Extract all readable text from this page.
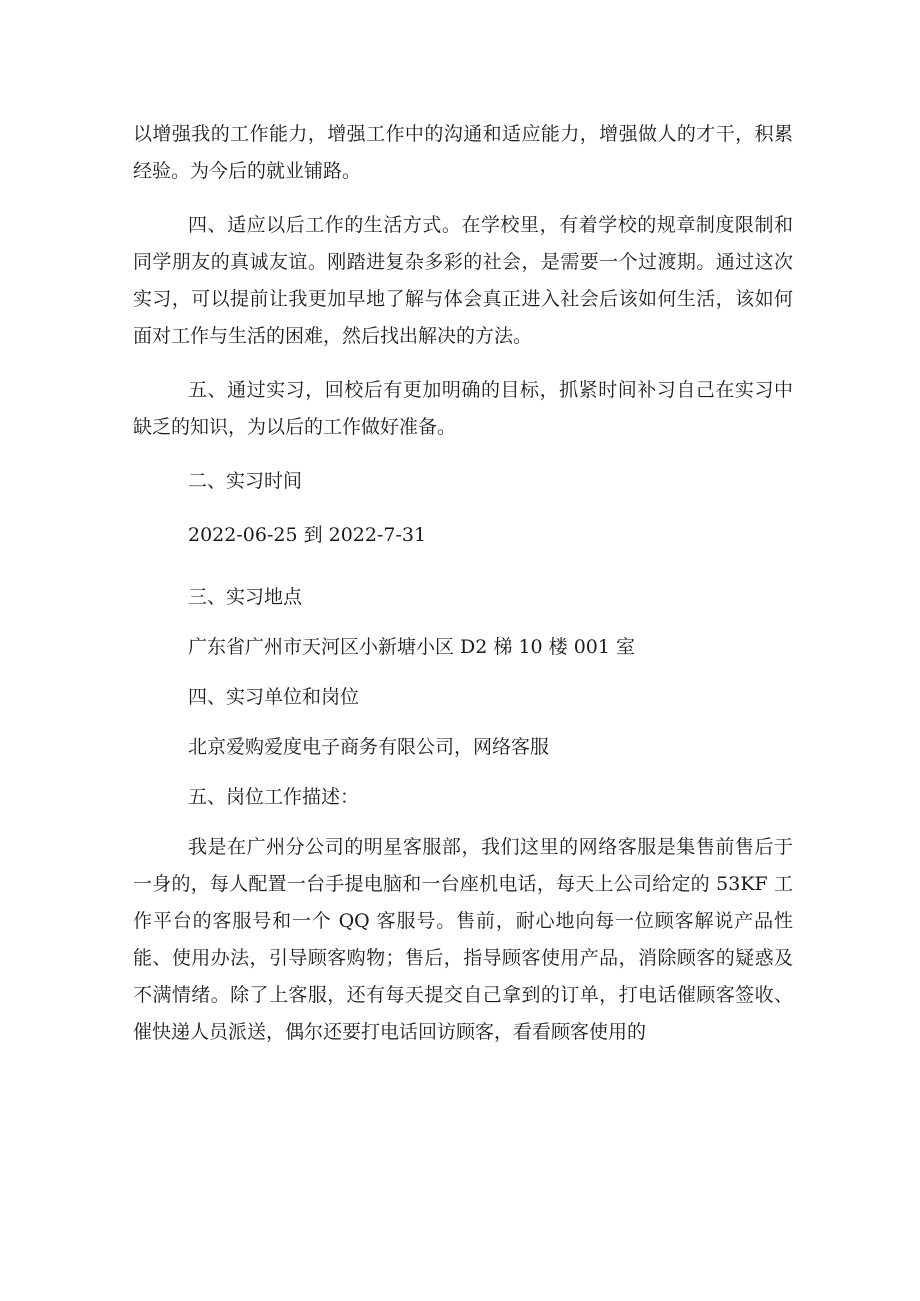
以增强我的工作能力，增强工作中的沟通和适应能力，增强做人的才干，积累经验。为今后的就业铺路。

四、适应以后工作的生活方式。在学校里，有着学校的规章制度限制和同学朋友的真诚友谊。刚踏进复杂多彩的社会，是需要一个过渡期。通过这次实习，可以提前让我更加早地了解与体会真正进入社会后该如何生活，该如何面对工作与生活的困难，然后找出解决的方法。

五、通过实习，回校后有更加明确的目标，抓紧时间补习自己在实习中缺乏的知识，为以后的工作做好准备。

二、实习时间

2022-06-25 到 2022-7-31

三、实习地点

广东省广州市天河区小新塘小区 D2 梯 10 楼 001 室

四、实习单位和岗位

北京爱购爱度电子商务有限公司，网络客服

五、岗位工作描述：

我是在广州分公司的明星客服部，我们这里的网络客服是集售前售后于一身的，每人配置一台手提电脑和一台座机电话，每天上公司给定的 53KF 工作平台的客服号和一个 QQ 客服号。售前，耐心地向每一位顾客解说产品性能、使用办法，引导顾客购物；售后，指导顾客使用产品，消除顾客的疑惑及不满情绪。除了上客服，还有每天提交自己拿到的订单，打电话催顾客签收、催快递人员派送，偶尔还要打电话回访顾客，看看顾客使用的
